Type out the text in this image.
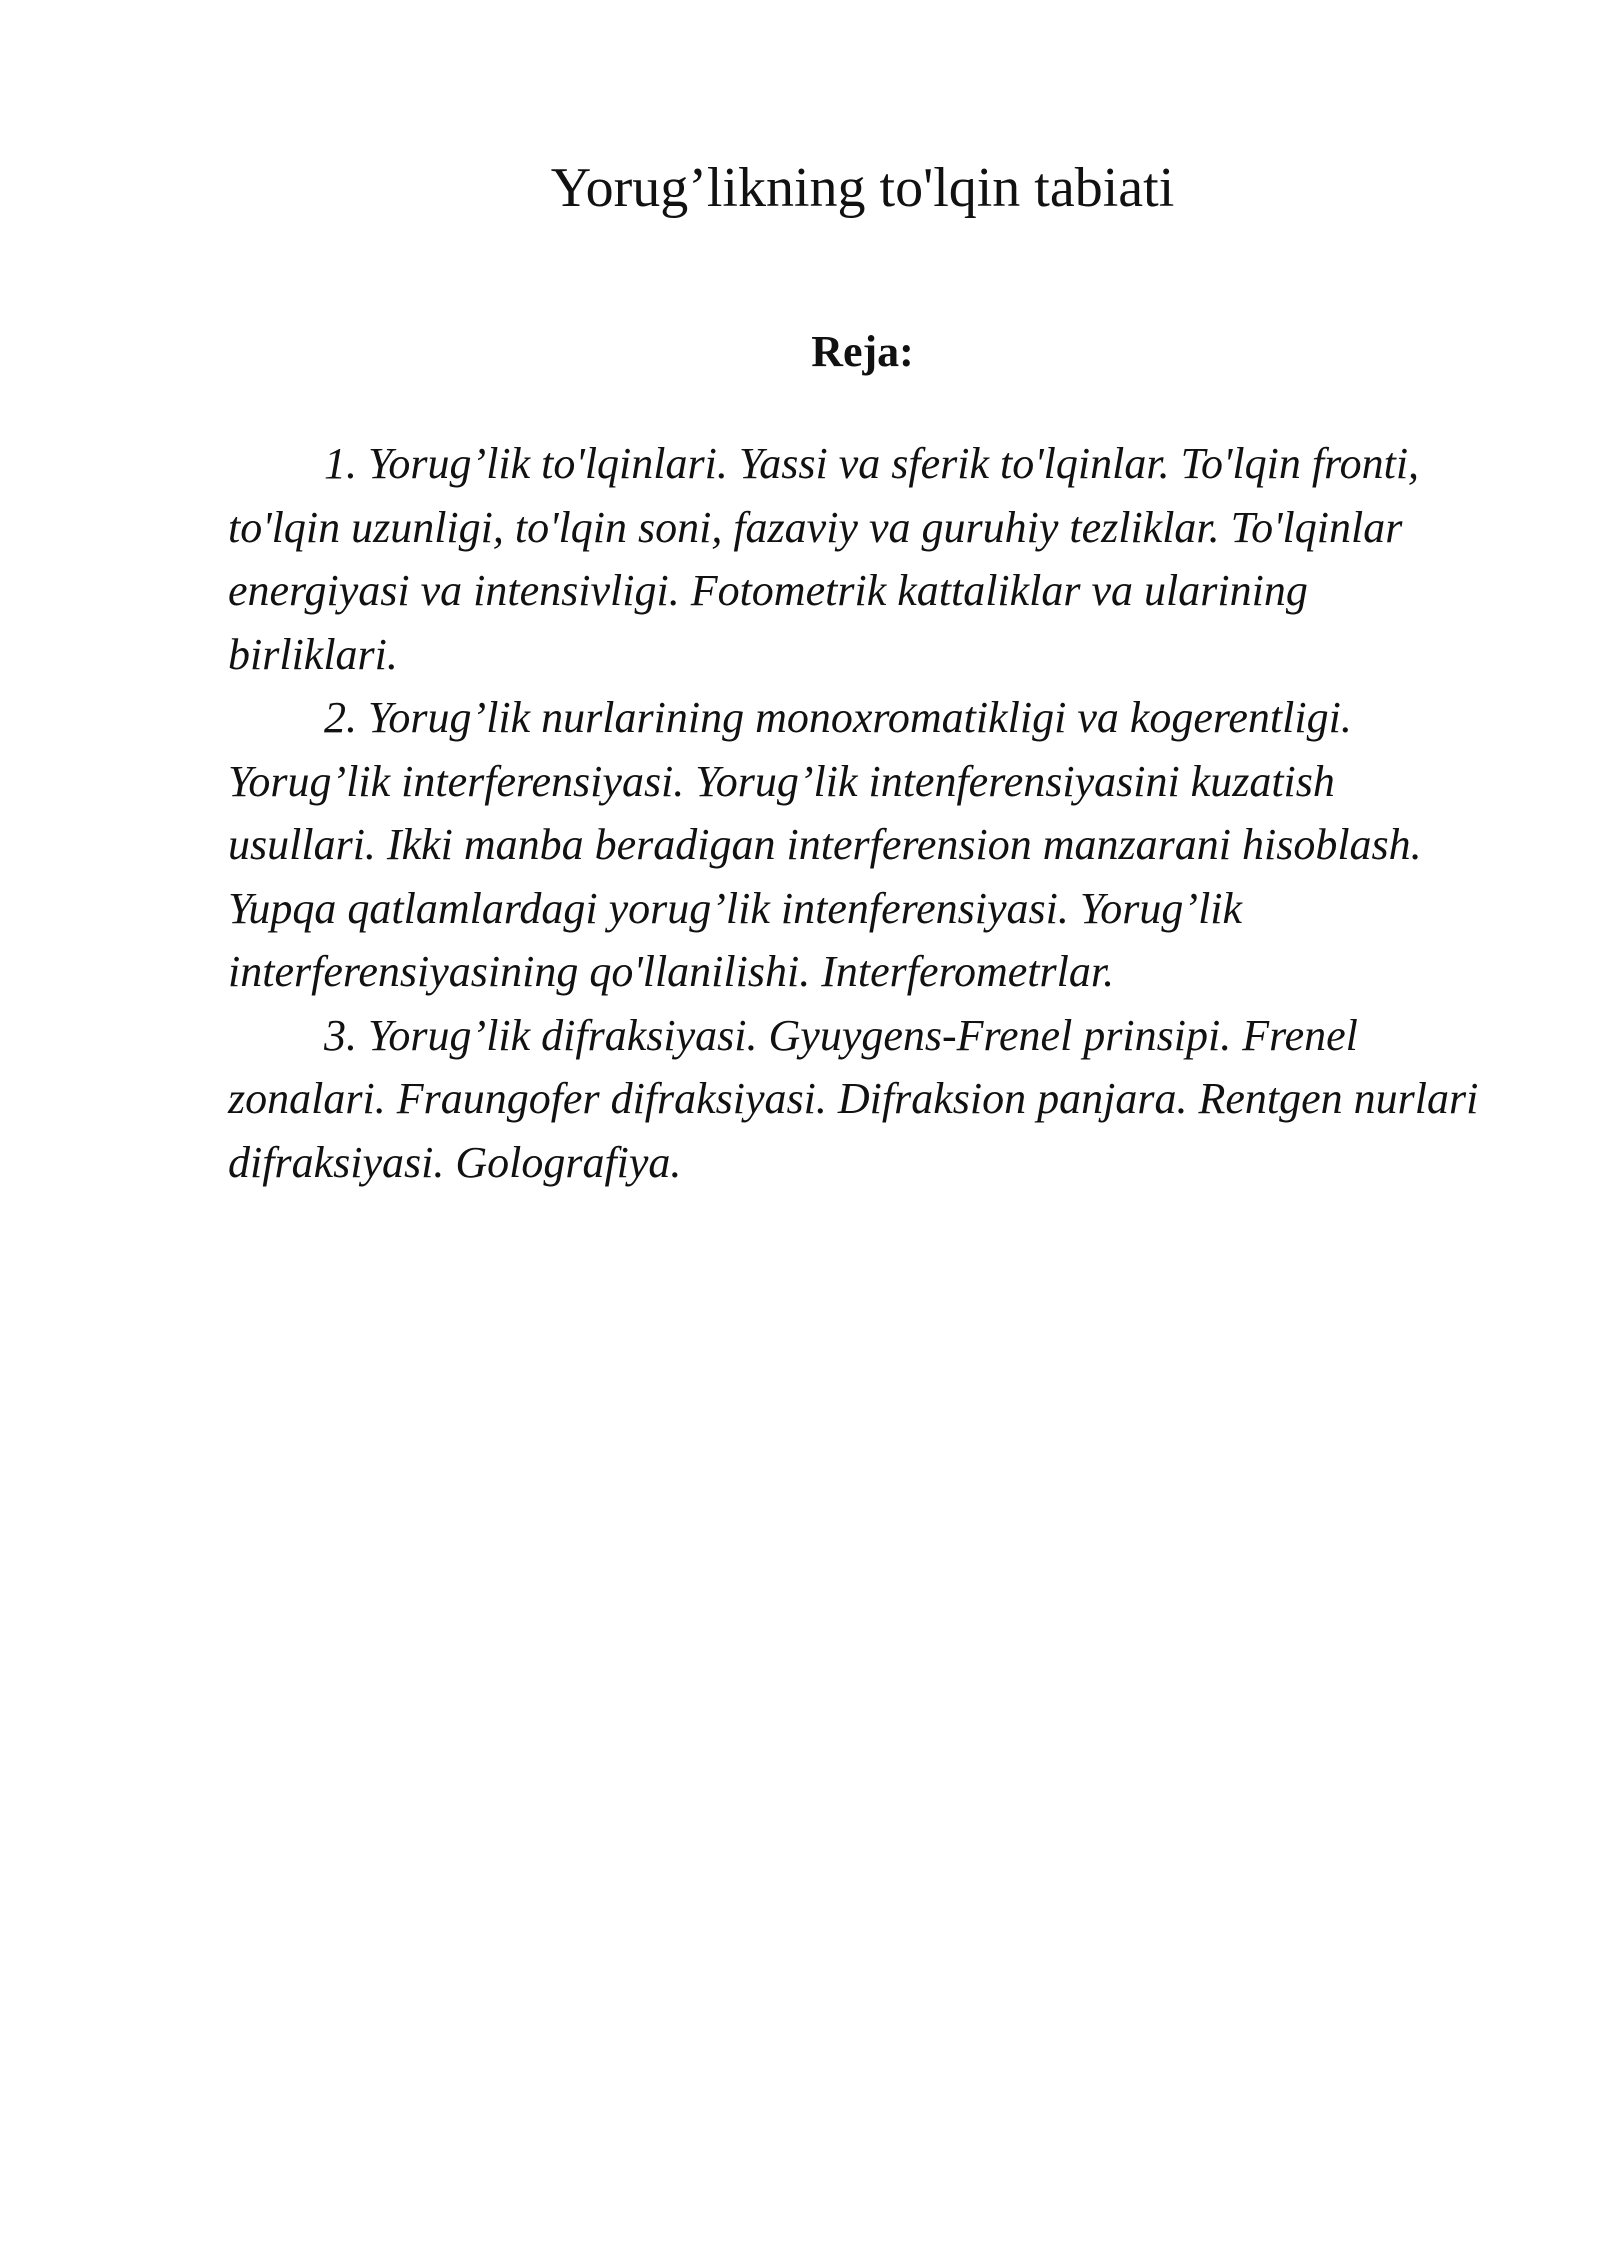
Yorug’likning to'lqin tabiati
Reja:

1. Yorug’lik to'lqinlari. Yassi va sferik to'lqinlar. To'lqin fronti, to'lqin uzunligi, to'lqin soni, fazaviy va guruhiy tezliklar. To'lqinlar energiyasi va intensivligi. Fotometrik kattaliklar va ularining birliklari.

2. Yorug’lik nurlarining monoxromatikligi va kogerentligi. Yorug’lik interferensiyasi. Yorug’lik intenferensiyasini kuzatish usullari. Ikki manba beradigan interferension manzarani hisoblash. Yupqa qatlamlardagi yorug’lik intenferensiyasi. Yorug’lik interferensiyasining qo'llanilishi. Interferometrlar.

3. Yorug’lik difraksiyasi. Gyuygens-Frenel prinsipi. Frenel zonalari. Fraungofer difraksiyasi. Difraksion panjara. Rentgen nurlari difraksiyasi. Golografiya.
